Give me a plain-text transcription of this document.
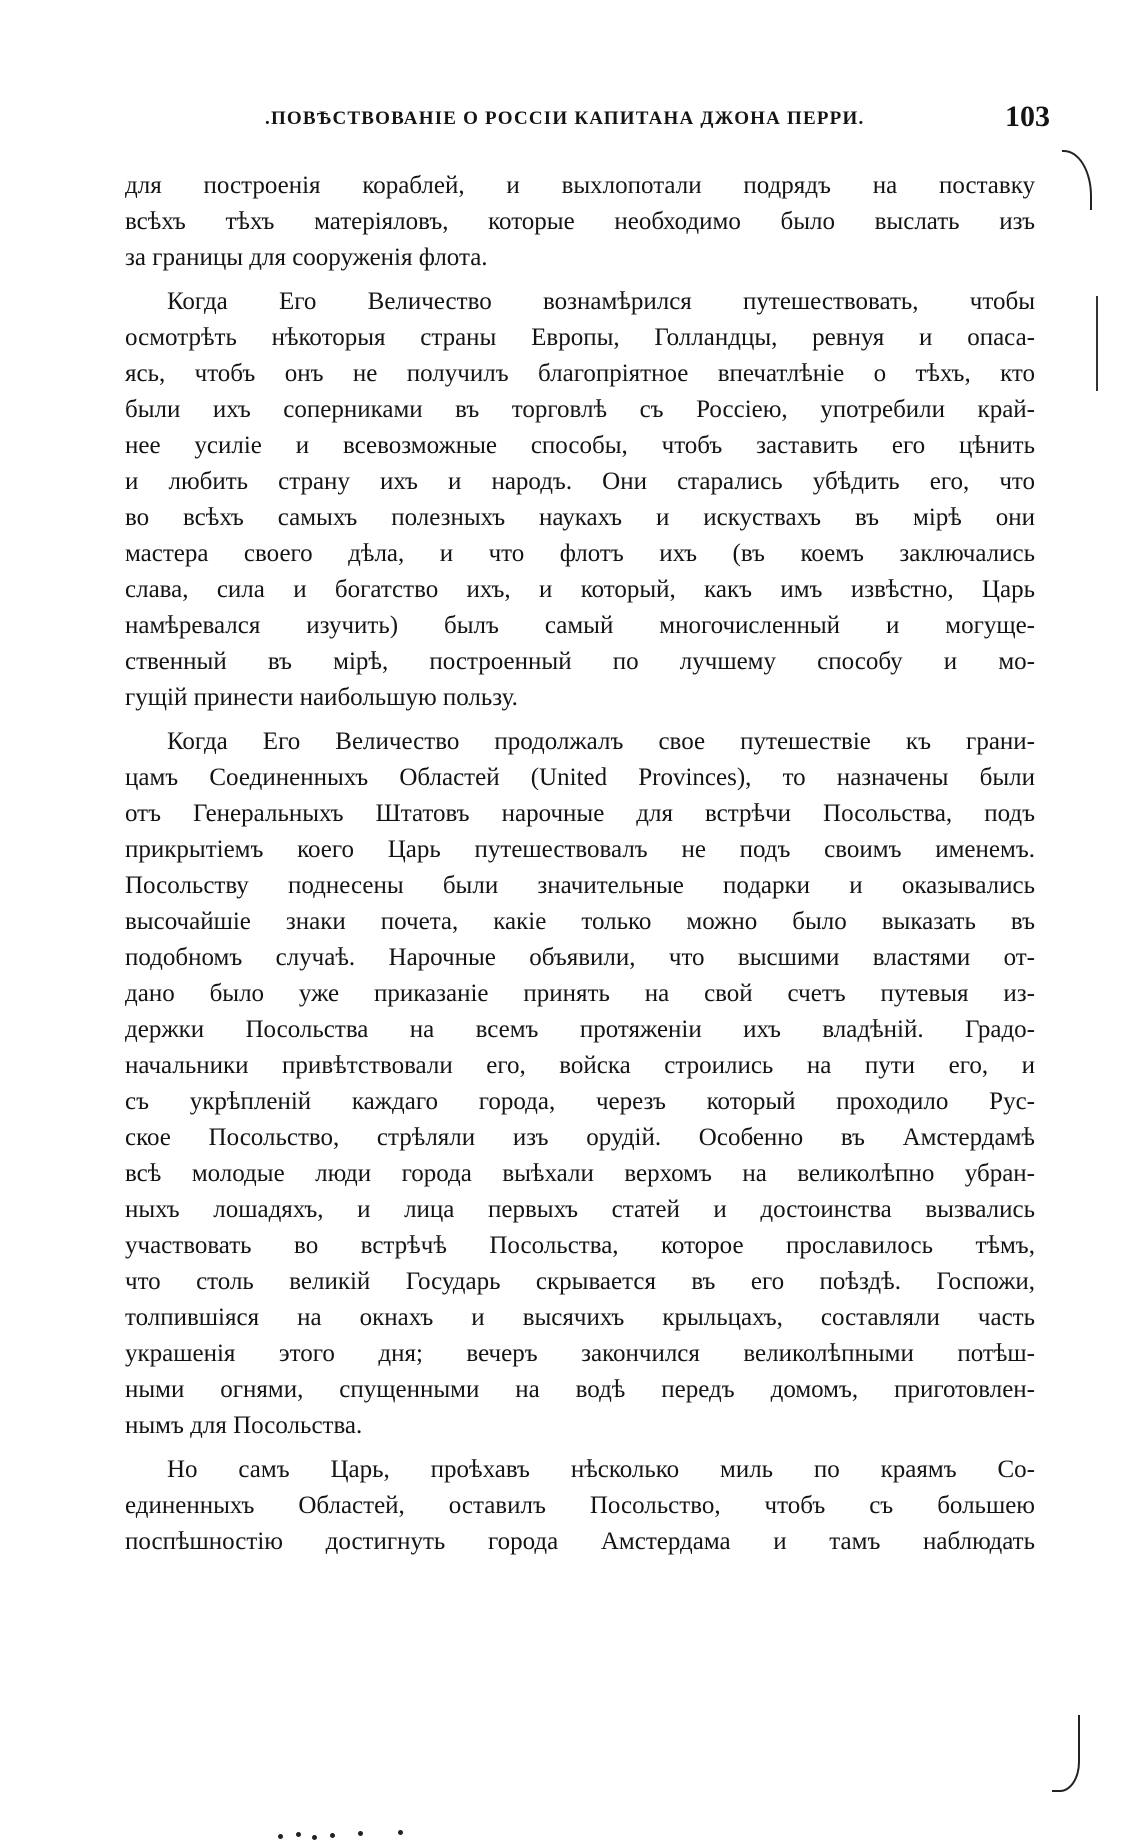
.ПОВѢСТВОВАНІЕ О РОССІИ КАПИТАНА ДЖОНА ПЕРРИ.	103
для построенія кораблей, и выхлопотали подрядъ на поставку
всѣхъ тѣхъ матеріяловъ, которые необходимо было выслать изъ
за границы для сооруженія флота.
Когда Его Величество вознамѣрился путешествовать, чтобы
осмотрѣть нѣкоторыя страны Европы, Голландцы, ревнуя и опаса-
ясь, чтобъ онъ не получилъ благопріятное впечатлѣніе о тѣхъ, кто
были ихъ соперниками въ торговлѣ съ Россіею, употребили край-
нее усиліе и всевозможные способы, чтобъ заставить его цѣнить
и любить страну ихъ и народъ. Они старались убѣдить его, что
во всѣхъ самыхъ полезныхъ наукахъ и искуствахъ въ мірѣ они
мастера своего дѣла, и что флотъ ихъ (въ коемъ заключались
слава, сила и богатство ихъ, и который, какъ имъ извѣстно, Царь
намѣревался изучить) былъ самый многочисленный и могуще-
ственный въ мірѣ, построенный по лучшему способу и мо-
гущій принести наибольшую пользу.
Когда Его Величество продолжалъ свое путешествіе къ грани-
цамъ Соединенныхъ Областей (United Provinces), то назначены были
отъ Генеральныхъ Штатовъ нарочные для встрѣчи Посольства, подъ
прикрытіемъ коего Царь путешествовалъ не подъ своимъ именемъ.
Посольству поднесены были значительные подарки и оказывались
высочайшіе знаки почета, какіе только можно было выказать въ
подобномъ случаѣ. Нарочные объявили, что высшими властями от-
дано было уже приказаніе принять на свой счетъ путевыя из-
держки Посольства на всемъ протяженіи ихъ владѣній. Градо-
начальники привѣтствовали его, войска строились на пути его, и
съ укрѣпленій каждаго города, черезъ который проходило Рус-
ское Посольство, стрѣляли изъ орудій. Особенно въ Амстердамѣ
всѣ молодые люди города выѣхали верхомъ на великолѣпно убран-
ныхъ лошадяхъ, и лица первыхъ статей и достоинства вызвались
участвовать во встрѣчѣ Посольства, которое прославилось тѣмъ,
что столь великій Государь скрывается въ его поѣздѣ. Госпожи,
толпившіяся на окнахъ и высячихъ крыльцахъ, составляли часть
украшенія этого дня; вечеръ закончился великолѣпными потѣш-
ными огнями, спущенными на водѣ передъ домомъ, приготовлен-
нымъ для Посольства.
Но самъ Царь, проѣхавъ нѣсколько миль по краямъ Со-
единенныхъ Областей, оставилъ Посольство, чтобъ съ большею
поспѣшностію достигнуть города Амстердама и тамъ наблюдать
